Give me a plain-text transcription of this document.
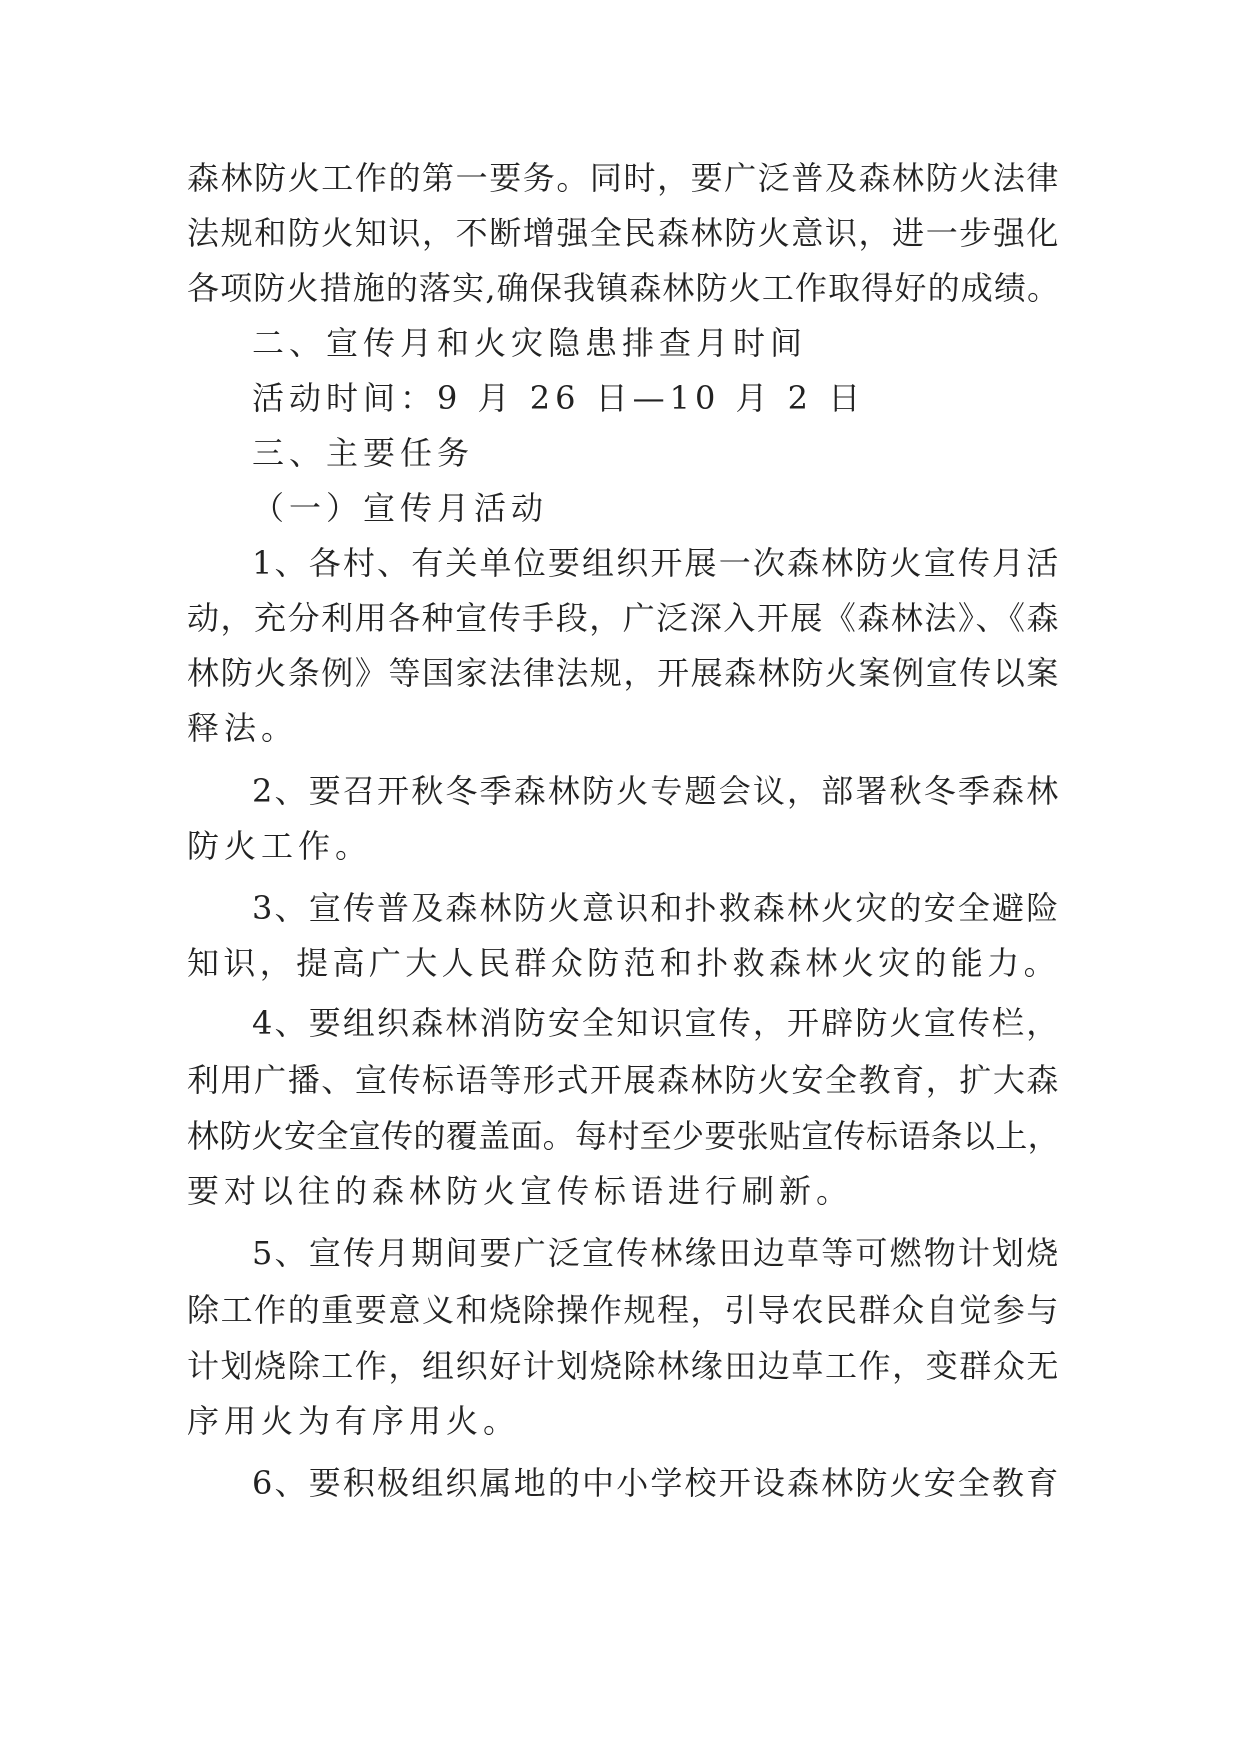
森林防火工作的第一要务。同时，要广泛普及森林防火法律
法规和防火知识，不断增强全民森林防火意识，进一步强化
各项防火措施的落实,确保我镇森林防火工作取得好的成绩。
二、宣传月和火灾隐患排查月时间
活动时间：9 月 26 日—10 月 2 日
三、主要任务
（一）宣传月活动
1、各村、有关单位要组织开展一次森林防火宣传月活
动，充分利用各种宣传手段，广泛深入开展《森林法》、《森
林防火条例》等国家法律法规，开展森林防火案例宣传以案
释法。
2、要召开秋冬季森林防火专题会议，部署秋冬季森林
防火工作。
3、宣传普及森林防火意识和扑救森林火灾的安全避险
知识，提高广大人民群众防范和扑救森林火灾的能力。
4、要组织森林消防安全知识宣传，开辟防火宣传栏，
利用广播、宣传标语等形式开展森林防火安全教育，扩大森
林防火安全宣传的覆盖面。每村至少要张贴宣传标语条以上，
要对以往的森林防火宣传标语进行刷新。
5、宣传月期间要广泛宣传林缘田边草等可燃物计划烧
除工作的重要意义和烧除操作规程，引导农民群众自觉参与
计划烧除工作，组织好计划烧除林缘田边草工作，变群众无
序用火为有序用火。
6、要积极组织属地的中小学校开设森林防火安全教育
